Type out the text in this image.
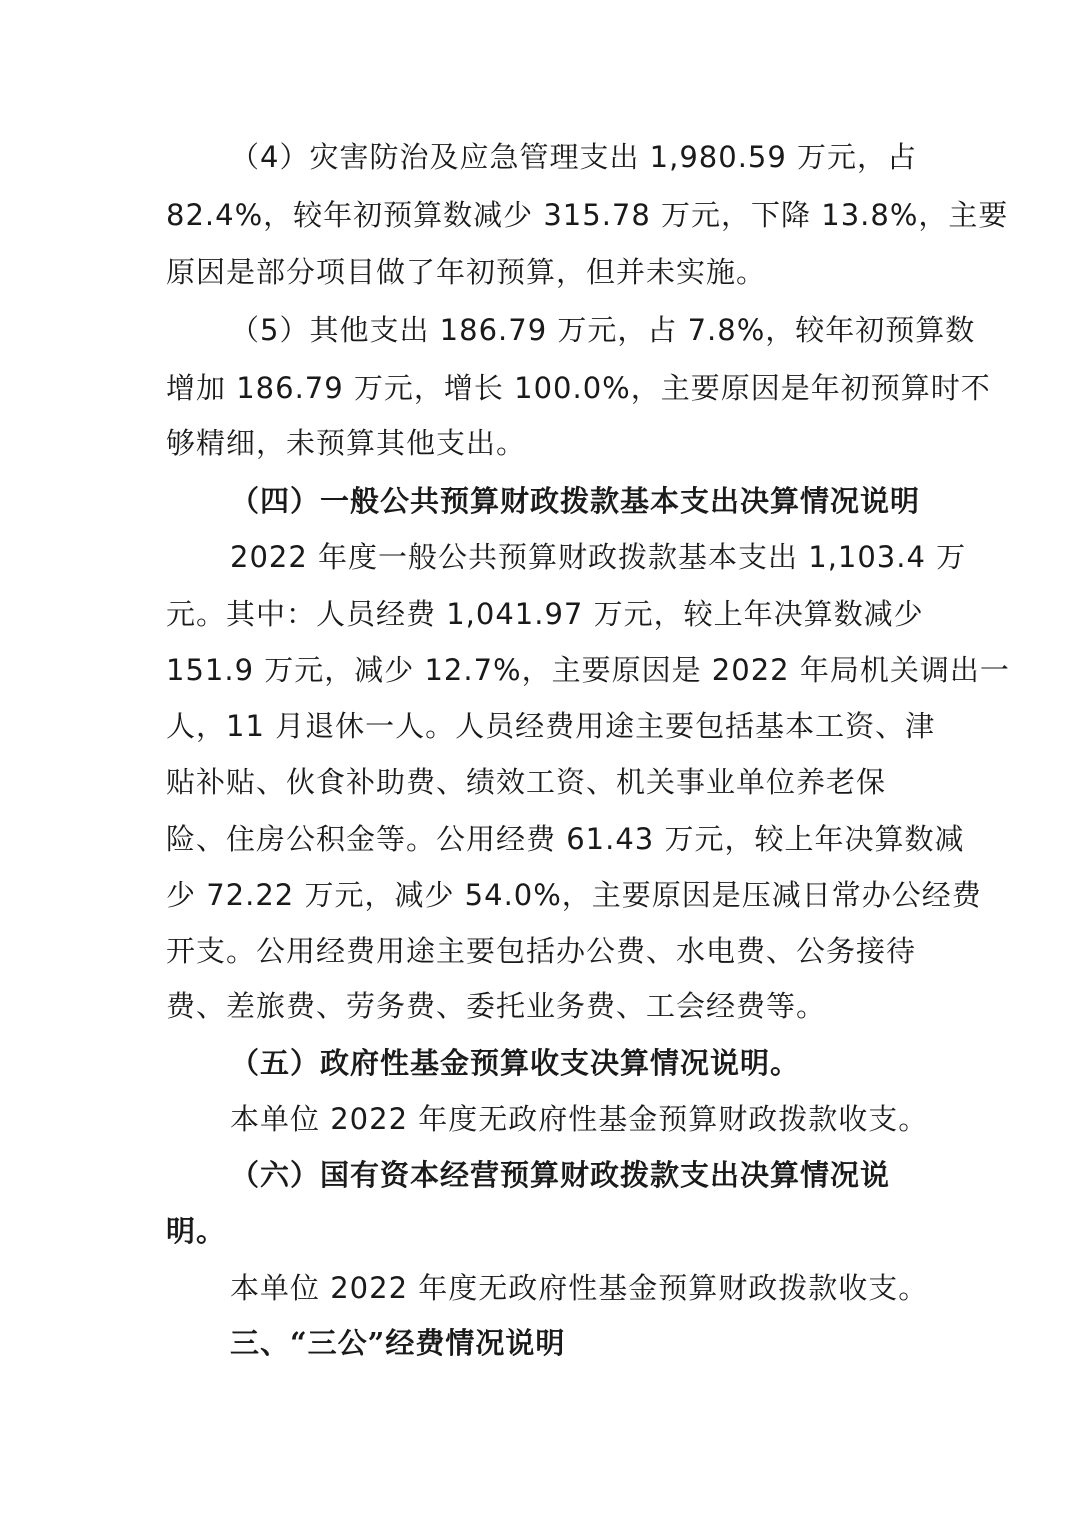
（4）灾害防治及应急管理支出 1,980.59 万元，占
82.4%，较年初预算数减少 315.78 万元，下降 13.8%，主要
原因是部分项目做了年初预算，但并未实施。
（5）其他支出 186.79 万元，占 7.8%，较年初预算数
增加 186.79 万元，增长 100.0%，主要原因是年初预算时不
够精细，未预算其他支出。
（四）一般公共预算财政拨款基本支出决算情况说明
2022 年度一般公共预算财政拨款基本支出 1,103.4 万
元。其中：人员经费 1,041.97 万元，较上年决算数减少
151.9 万元，减少 12.7%，主要原因是 2022 年局机关调出一
人，11 月退休一人。人员经费用途主要包括基本工资、津
贴补贴、伙食补助费、绩效工资、机关事业单位养老保
险、住房公积金等。公用经费 61.43 万元，较上年决算数减
少 72.22 万元，减少 54.0%，主要原因是压减日常办公经费
开支。公用经费用途主要包括办公费、水电费、公务接待
费、差旅费、劳务费、委托业务费、工会经费等。
（五）政府性基金预算收支决算情况说明。
本单位 2022 年度无政府性基金预算财政拨款收支。
（六）国有资本经营预算财政拨款支出决算情况说
明。
本单位 2022 年度无政府性基金预算财政拨款收支。
三、“三公”经费情况说明
